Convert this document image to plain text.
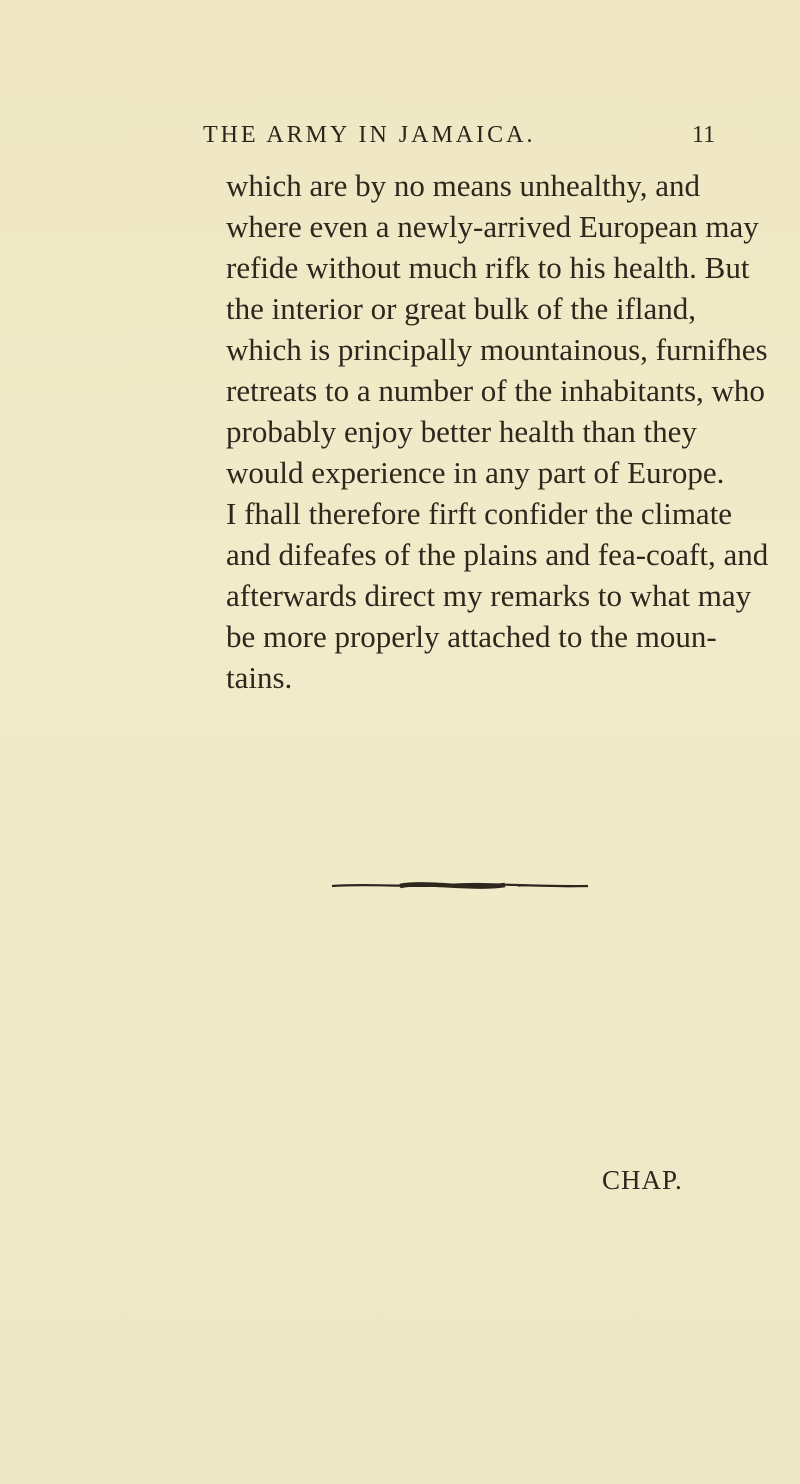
THE ARMY IN JAMAICA.	11

which are by no means unhealthy, and

where even a newly-arrived European may

refide without much rifk to his health. But

the interior or great bulk of the ifland,

which is principally mountainous, furnifhes

retreats to a number of the inhabitants, who

probably enjoy better health than they

would experience in any part of Europe.

I fhall therefore firft confider the climate

and difeafes of the plains and fea-coaft, and

afterwards direct my remarks to what may

be more properly attached to the moun-

tains.

CHAP.
